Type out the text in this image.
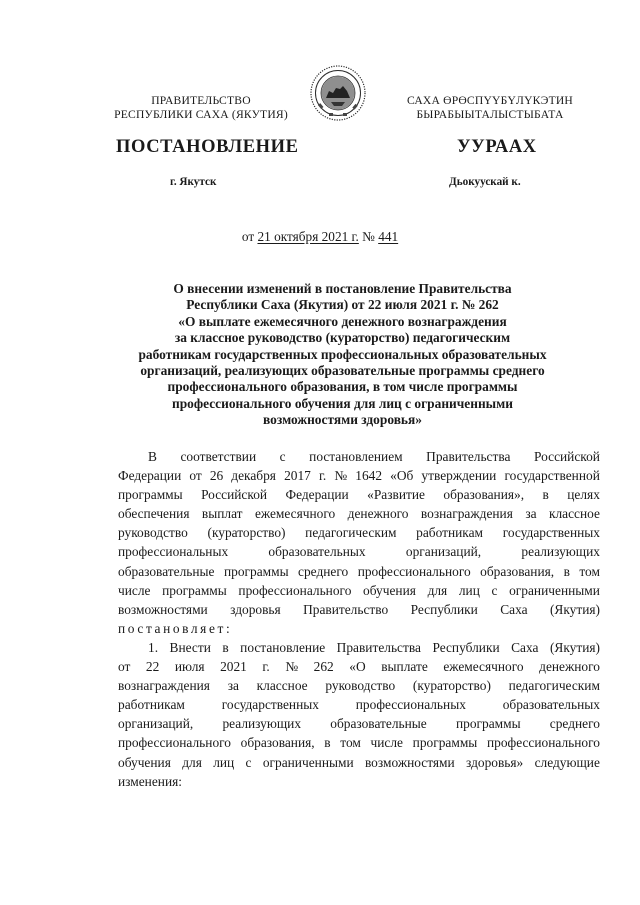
ПРАВИТЕЛЬСТВО
РЕСПУБЛИКИ САХА (ЯКУТИЯ)
САХА ӨРӨСПҮҮБҮЛҮКЭТИН
БЫРАБЫЫТАЛЫСТЫБАТА
ПОСТАНОВЛЕНИЕ	УУРААХ
г. Якутск	Дьокуускай к.
от 21 октября 2021 г. № 441
О внесении изменений в постановление Правительства
Республики Саха (Якутия) от 22 июля 2021 г. № 262
«О выплате ежемесячного денежного вознаграждения
за классное руководство (кураторство) педагогическим
работникам государственных профессиональных образовательных
организаций, реализующих образовательные программы среднего
профессионального образования, в том числе программы
профессионального обучения для лиц с ограниченными
возможностями здоровья»
В соответствии с постановлением Правительства Российской
Федерации от 26 декабря 2017 г. № 1642 «Об утверждении государственной
программы Российской Федерации «Развитие образования», в целях
обеспечения выплат ежемесячного денежного вознаграждения за классное
руководство (кураторство) педагогическим работникам государственных
профессиональных	образовательных	организаций,	реализующих
образовательные программы среднего профессионального образования, в том
числе программы профессионального обучения для лиц с ограниченными
возможностями здоровья Правительство Республики Саха (Якутия)
постановляет:
1. Внести в постановление Правительства Республики Саха (Якутия)
от 22 июля 2021 г. № 262 «О выплате ежемесячного денежного
вознаграждения за классное руководство (кураторство) педагогическим
работникам	государственных	профессиональных	образовательных
организаций, реализующих образовательные программы среднего
профессионального образования, в том числе программы профессионального
обучения для лиц с ограниченными возможностями здоровья» следующие
изменения:
